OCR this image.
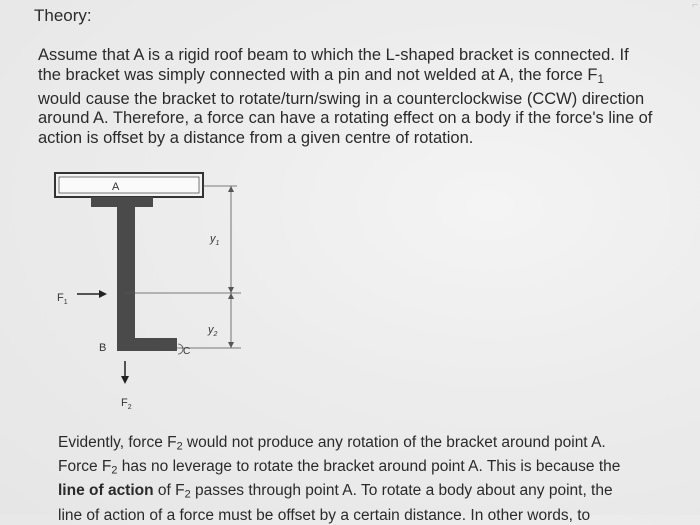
Theory:
⌐
Assume that A is a rigid roof beam to which the L-shaped bracket is connected. If
the bracket was simply connected with a pin and not welded at A, the force $F_1$
would cause the bracket to rotate/turn/swing in a counterclockwise (CCW) direction
around A. Therefore, a force can have a rotating effect on a body if the force's line of
action is offset by a distance from a given centre of rotation.
A
$y_1$
$y_2$
$F_1$
B	C
$F_2$
Evidently, force $F_2$ would not produce any rotation of the bracket around point A.
Force $F_2$ has no leverage to rotate the bracket around point A. This is because the
line of action of $F_2$ passes through point A. To rotate a body about any point, the
line of action of a force must be offset by a certain distance. In other words, to
